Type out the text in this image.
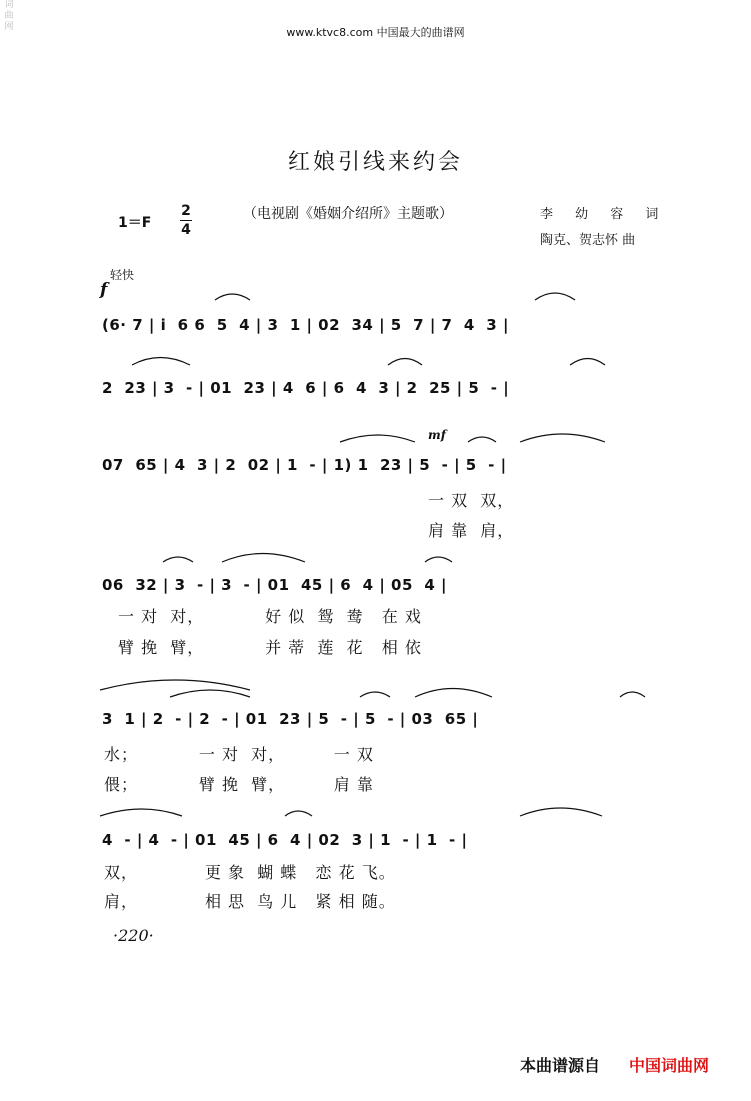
词曲网	www.ktvc8.com 中国最大的曲谱网
红娘引线来约会
1＝F
2
4
（电视剧《婚姻介绍所》主题歌）	李 幼 容 词
陶克、贺志怀 曲
轻快
f
mf
(6· 7 | i  6 6  5  4 | 3  1 | 02  34 | 5  7 | 7  4  3 |
2  23 | 3  - | 01  23 | 4  6 | 6  4  3 | 2  25 | 5  - |
07  65 | 4  3 | 2  02 | 1  - | 1) 1  23 | 5  - | 5  - |
一 双  双，
肩 靠  肩，
06  32 | 3  - | 3  - | 01  45 | 6  4 | 05  4 |
一 对  对，          好 似  鸳  鸯   在 戏
臂 挽  臂，          并 蒂  莲  花   相 依
3  1 | 2  - | 2  - | 01  23 | 5  - | 5  - | 03  65 |
水；          一 对  对，        一 双
偎；          臂 挽  臂，        肩 靠
4  - | 4  - | 01  45 | 6  4 | 02  3 | 1  - | 1  - |
双，           更 象  蝴 蝶   恋 花 飞。
肩，           相 思  鸟 儿   紧 相 随。
·220·
本曲谱源自 中国词曲网
